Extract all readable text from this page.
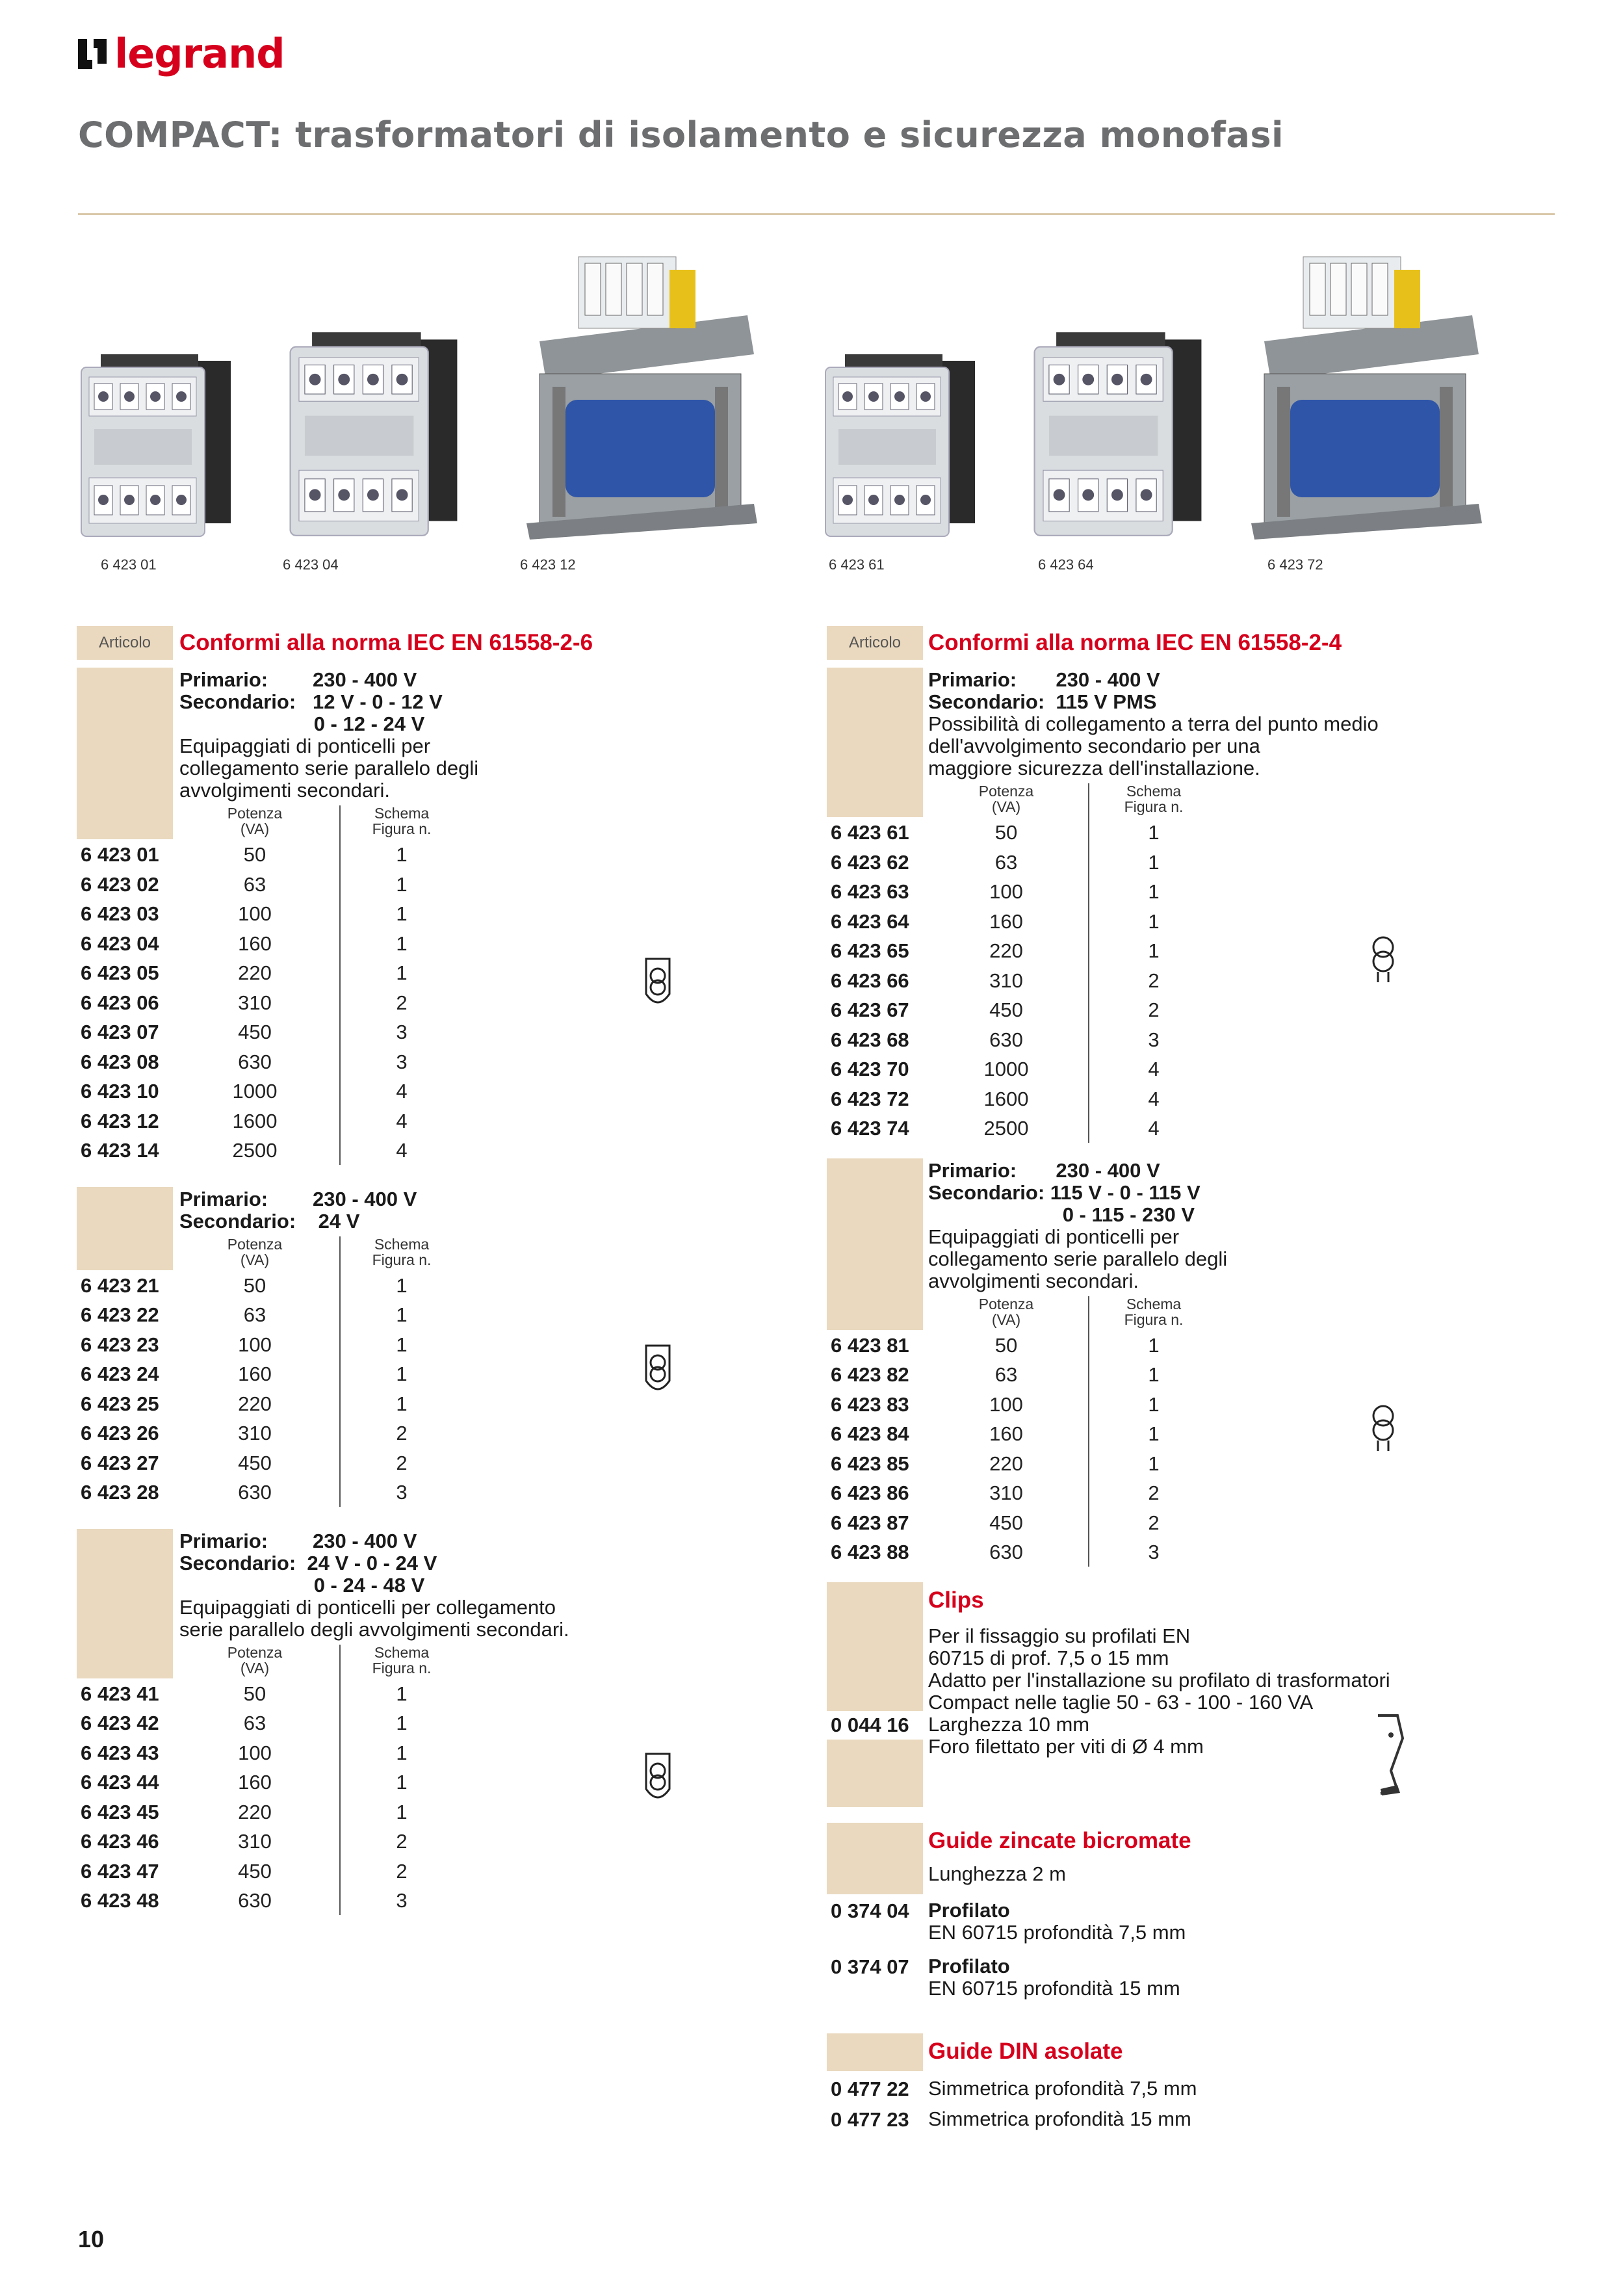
legrand
COMPACT: trasformatori di isolamento e sicurezza monofasi
6 423 01	6 423 04	6 423 12	6 423 61	6 423 64	6 423 72
Articolo	Conformi alla norma IEC EN 61558-2-6
Primario:        230 - 400 V
Secondario:   12 V - 0 - 12 V
0 - 12 - 24 V
Equipaggiati di ponticelli per
collegamento serie parallelo degli
avvolgimenti secondari.
Potenza
(VA)
Schema
Figura n.
6 423 01	50	1
6 423 02	63	1
6 423 03	100	1
6 423 04	160	1
6 423 05	220	1
6 423 06	310	2
6 423 07	450	3
6 423 08	630	3
6 423 10	1000	4
6 423 12	1600	4
6 423 14	2500	4
Primario:        230 - 400 V
Secondario:    24 V
Potenza
(VA)
Schema
Figura n.
6 423 21	50	1
6 423 22	63	1
6 423 23	100	1
6 423 24	160	1
6 423 25	220	1
6 423 26	310	2
6 423 27	450	2
6 423 28	630	3
Primario:        230 - 400 V
Secondario:  24 V - 0 - 24 V
0 - 24 - 48 V
Equipaggiati di ponticelli per collegamento
serie parallelo degli avvolgimenti secondari.
Potenza
(VA)
Schema
Figura n.
6 423 41	50	1
6 423 42	63	1
6 423 43	100	1
6 423 44	160	1
6 423 45	220	1
6 423 46	310	2
6 423 47	450	2
6 423 48	630	3
Articolo	Conformi alla norma IEC EN 61558-2-4
Primario:       230 - 400 V
Secondario:  115 V PMS
Possibilità di collegamento a terra del punto medio
dell'avvolgimento secondario per una
maggiore sicurezza dell'installazione.
Potenza
(VA)
Schema
Figura n.
6 423 61	50	1
6 423 62	63	1
6 423 63	100	1
6 423 64	160	1
6 423 65	220	1
6 423 66	310	2
6 423 67	450	2
6 423 68	630	3
6 423 70	1000	4
6 423 72	1600	4
6 423 74	2500	4
Primario:       230 - 400 V
Secondario: 115 V - 0 - 115 V
0 - 115 - 230 V
Equipaggiati di ponticelli per
collegamento serie parallelo degli
avvolgimenti secondari.
Potenza
(VA)
Schema
Figura n.
6 423 81	50	1
6 423 82	63	1
6 423 83	100	1
6 423 84	160	1
6 423 85	220	1
6 423 86	310	2
6 423 87	450	2
6 423 88	630	3
Clips
Per il fissaggio su profilati EN
60715 di prof. 7,5 o 15 mm
Adatto per l'installazione su profilato di trasformatori
Compact nelle taglie 50 - 63 - 100 - 160 VA
0 044 16 Larghezza 10 mm
Foro filettato per viti di Ø 4 mm
Guide zincate bicromate
Lunghezza 2 m
0 374 04 Profilato
EN 60715 profondità 7,5 mm
0 374 07 Profilato
EN 60715 profondità 15 mm
Guide DIN asolate
0 477 22 Simmetrica profondità 7,5 mm
0 477 23 Simmetrica profondità 15 mm
10
